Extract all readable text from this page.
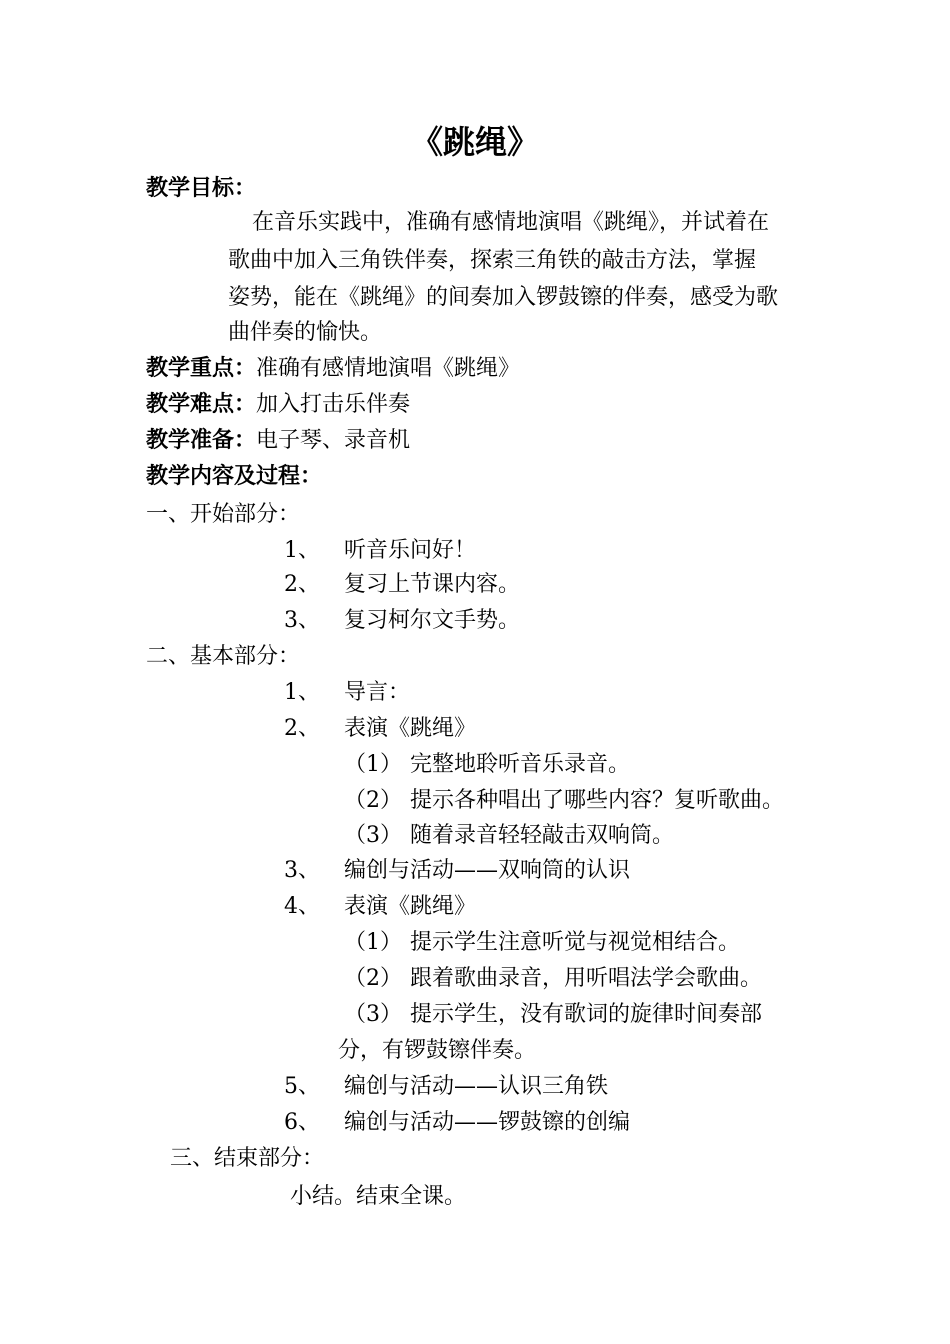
《跳绳》
教学目标：
在音乐实践中，准确有感情地演唱《跳绳》，并试着在
歌曲中加入三角铁伴奏，探索三角铁的敲击方法，掌握
姿势，能在《跳绳》的间奏加入锣鼓镲的伴奏，感受为歌
曲伴奏的愉快。
教学重点：准确有感情地演唱《跳绳》
教学难点：加入打击乐伴奏
教学准备：电子琴、录音机
教学内容及过程：
一、开始部分：
1、 听音乐问好！
2、 复习上节课内容。
3、 复习柯尔文手势。
二、基本部分：
1、 导言：
2、 表演《跳绳》
（1） 完整地聆听音乐录音。
（2） 提示各种唱出了哪些内容？复听歌曲。
（3） 随着录音轻轻敲击双响筒。
3、 编创与活动——双响筒的认识
4、 表演《跳绳》
（1） 提示学生注意听觉与视觉相结合。
（2） 跟着歌曲录音，用听唱法学会歌曲。
（3） 提示学生，没有歌词的旋律时间奏部
分，有锣鼓镲伴奏。
5、 编创与活动——认识三角铁
6、 编创与活动——锣鼓镲的创编
三、结束部分：
小结。结束全课。
